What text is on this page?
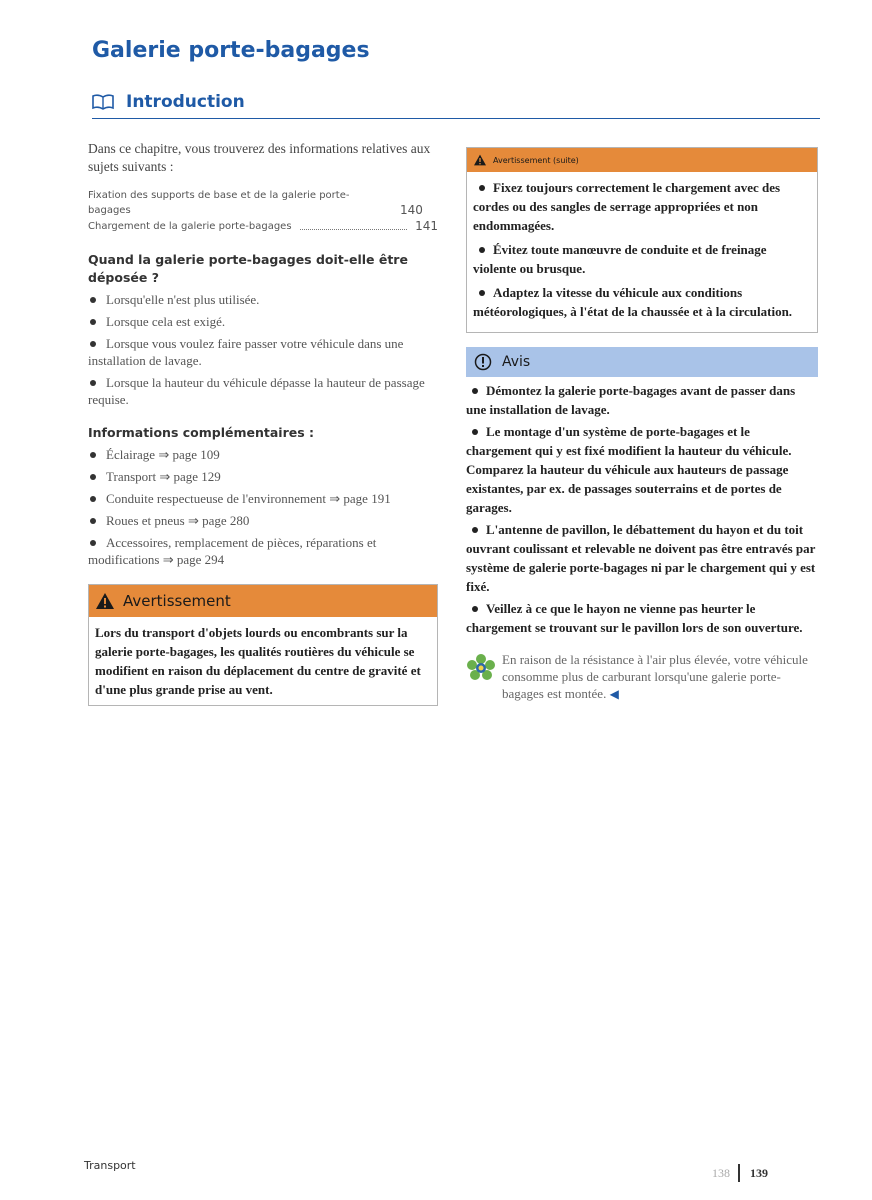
Galerie porte-bagages
Introduction

Dans ce chapitre, vous trouverez des informations relatives aux sujets suivants :

Fixation des supports de base et de la galerie porte-bagages	140
Chargement de la galerie porte-bagages	141
Quand la galerie porte-bagages doit-elle être déposée ?
Lorsqu'elle n'est plus utilisée.
Lorsque cela est exigé.
Lorsque vous voulez faire passer votre véhicule dans une installation de lavage.
Lorsque la hauteur du véhicule dépasse la hauteur de passage requise.
Informations complémentaires :
Éclairage ⇒ page 109
Transport ⇒ page 129
Conduite respectueuse de l'environnement ⇒ page 191
Roues et pneus ⇒ page 280
Accessoires, remplacement de pièces, réparations et modifications ⇒ page 294
Avertissement
Lors du transport d'objets lourds ou encombrants sur la galerie porte-bagages, les qualités routières du véhicule se modifient en raison du déplacement du centre de gravité et d'une plus grande prise au vent.
Avertissement (suite)

Fixez toujours correctement le chargement avec des cordes ou des sangles de serrage appropriées et non endommagées.

Évitez toute manœuvre de conduite et de freinage violente ou brusque.

Adaptez la vitesse du véhicule aux conditions météorologiques, à l'état de la chaussée et à la circulation.

Avis

Démontez la galerie porte-bagages avant de passer dans une installation de lavage.

Le montage d'un système de porte-bagages et le chargement qui y est fixé modifient la hauteur du véhicule. Comparez la hauteur du véhicule aux hauteurs de passage existantes, par ex. de passages souterrains et de portes de garages.

L'antenne de pavillon, le débattement du hayon et du toit ouvrant coulissant et relevable ne doivent pas être entravés par système de galerie porte-bagages ni par le chargement qui y est fixé.

Veillez à ce que le hayon ne vienne pas heurter le chargement se trouvant sur le pavillon lors de son ouverture.

En raison de la résistance à l'air plus élevée, votre véhicule consomme plus de carburant lorsqu'une galerie porte-bagages est montée. ◀
Transport	138 139
